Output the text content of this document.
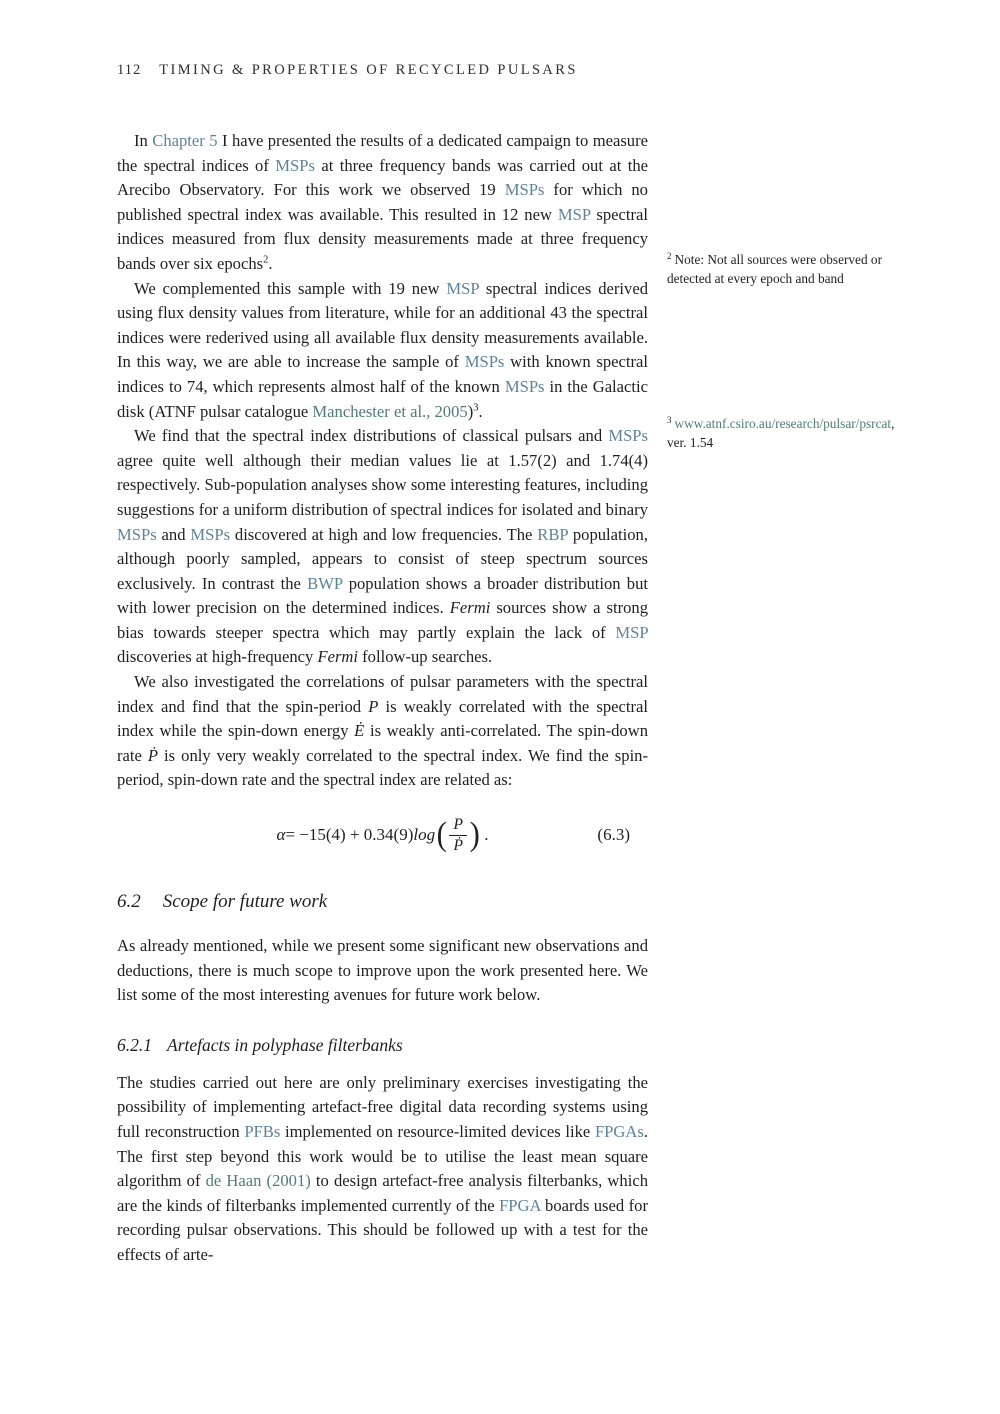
112 TIMING & PROPERTIES OF RECYCLED PULSARS

In Chapter 5 I have presented the results of a dedicated campaign to measure the spectral indices of MSPs at three frequency bands was carried out at the Arecibo Observatory. For this work we observed 19 MSPs for which no published spectral index was available. This resulted in 12 new MSP spectral indices measured from flux density measurements made at three frequency bands over six epochs$^2$.

We complemented this sample with 19 new MSP spectral indices derived using flux density values from literature, while for an additional 43 the spectral indices were rederived using all available flux density measurements available. In this way, we are able to increase the sample of MSPs with known spectral indices to 74, which represents almost half of the known MSPs in the Galactic disk (ATNF pulsar catalogue Manchester et al., 2005)$^3$.

We find that the spectral index distributions of classical pulsars and MSPs agree quite well although their median values lie at 1.57(2) and 1.74(4) respectively. Sub-population analyses show some interesting features, including suggestions for a uniform distribution of spectral indices for isolated and binary MSPs and MSPs discovered at high and low frequencies. The RBP population, although poorly sampled, appears to consist of steep spectrum sources exclusively. In contrast the BWP population shows a broader distribution but with lower precision on the determined indices. Fermi sources show a strong bias towards steeper spectra which may partly explain the lack of MSP discoveries at high-frequency Fermi follow-up searches.

We also investigated the correlations of pulsar parameters with the spectral index and find that the spin-period P is weakly correlated with the spectral index while the spin-down energy Ė is weakly anti-correlated. The spin-down rate Ṗ is only very weakly correlated to the spectral index. We find the spin-period, spin-down rate and the spectral index are related as:

α = −15(4) + 0.34(9) log ( $\frac{P}{\text{Ṗ}}$ ) .	(6.3)
6.2 Scope for future work

As already mentioned, while we present some significant new observations and deductions, there is much scope to improve upon the work presented here. We list some of the most interesting avenues for future work below.

6.2.1 Artefacts in polyphase filterbanks

The studies carried out here are only preliminary exercises investigating the possibility of implementing artefact-free digital data recording systems using full reconstruction PFBs implemented on resource-limited devices like FPGAs. The first step beyond this work would be to utilise the least mean square algorithm of de Haan (2001) to design artefact-free analysis filterbanks, which are the kinds of filterbanks implemented currently of the FPGA boards used for recording pulsar observations. This should be followed up with a test for the effects of arte-

$^2$ Note: Not all sources were observed or detected at every epoch and band
$^3$ www.atnf.csiro.au/research/pulsar/psrcat, ver. 1.54
